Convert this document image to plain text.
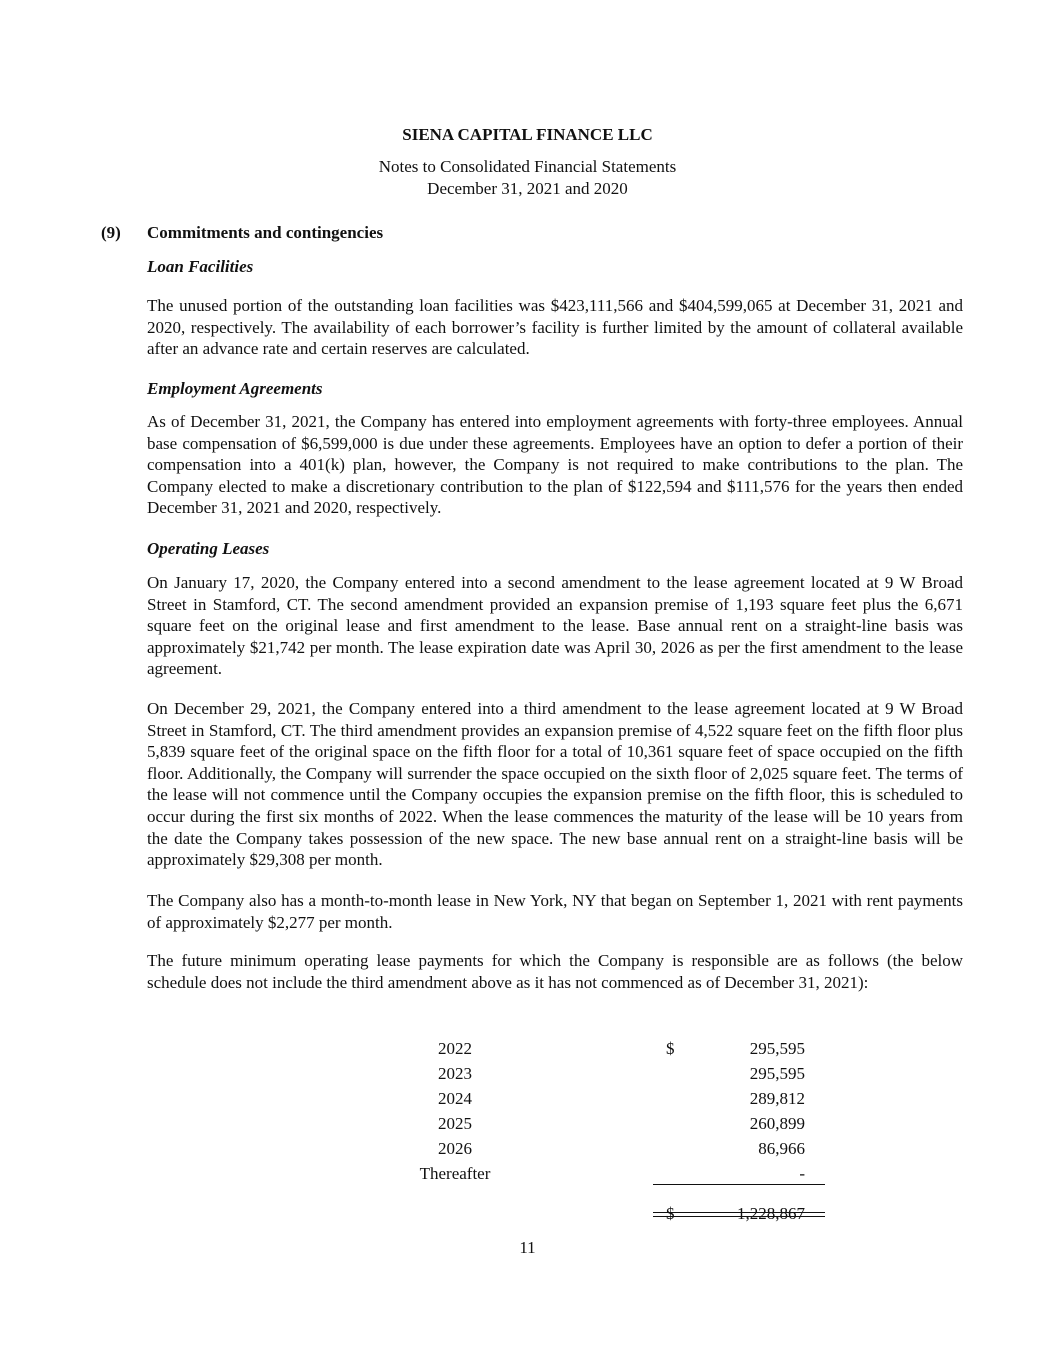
SIENA CAPITAL FINANCE LLC
Notes to Consolidated Financial Statements
December 31, 2021 and 2020
(9) Commitments and contingencies
Loan Facilities

The unused portion of the outstanding loan facilities was $423,111,566 and $404,599,065 at December 31, 2021 and 2020, respectively. The availability of each borrower’s facility is further limited by the amount of collateral available after an advance rate and certain reserves are calculated.

Employment Agreements

As of December 31, 2021, the Company has entered into employment agreements with forty-three employees. Annual base compensation of $6,599,000 is due under these agreements. Employees have an option to defer a portion of their compensation into a 401(k) plan, however, the Company is not required to make contributions to the plan. The Company elected to make a discretionary contribution to the plan of $122,594 and $111,576 for the years then ended December 31, 2021 and 2020, respectively.

Operating Leases

On January 17, 2020, the Company entered into a second amendment to the lease agreement located at 9 W Broad Street in Stamford, CT. The second amendment provided an expansion premise of 1,193 square feet plus the 6,671 square feet on the original lease and first amendment to the lease. Base annual rent on a straight-line basis was approximately $21,742 per month. The lease expiration date was April 30, 2026 as per the first amendment to the lease agreement.

On December 29, 2021, the Company entered into a third amendment to the lease agreement located at 9 W Broad Street in Stamford, CT. The third amendment provides an expansion premise of 4,522 square feet on the fifth floor plus 5,839 square feet of the original space on the fifth floor for a total of 10,361 square feet of space occupied on the fifth floor. Additionally, the Company will surrender the space occupied on the sixth floor of 2,025 square feet. The terms of the lease will not commence until the Company occupies the expansion premise on the fifth floor, this is scheduled to occur during the first six months of 2022. When the lease commences the maturity of the lease will be 10 years from the date the Company takes possession of the new space. The new base annual rent on a straight-line basis will be approximately $29,308 per month.

The Company also has a month-to-month lease in New York, NY that began on September 1, 2021 with rent payments of approximately $2,277 per month.

The future minimum operating lease payments for which the Company is responsible are as follows (the below schedule does not include the third amendment above as it has not commenced as of December 31, 2021):

2022	$	295,595
2023	295,595
2024	289,812
2025	260,899
2026	86,966
Thereafter	-
$	1,228,867
11
